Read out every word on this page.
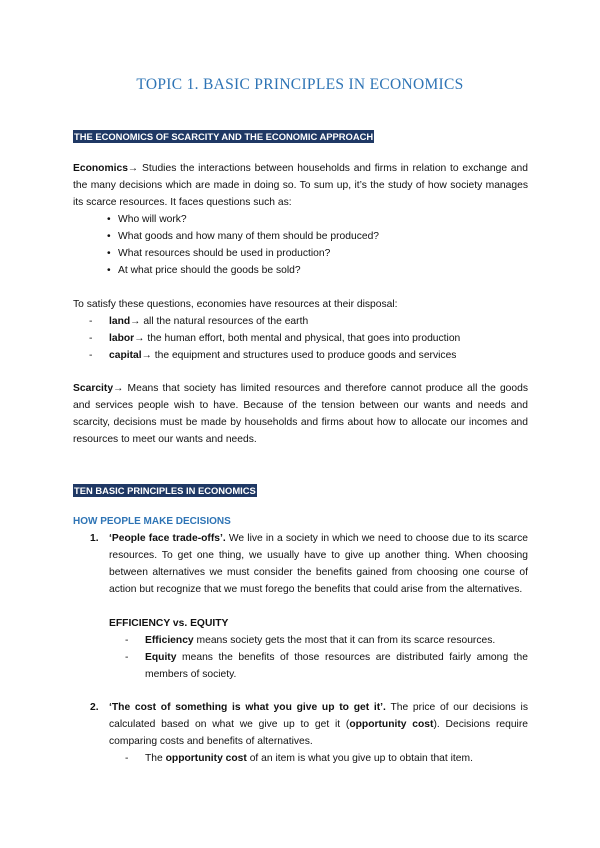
TOPIC 1. BASIC PRINCIPLES IN ECONOMICS
THE ECONOMICS OF SCARCITY AND THE ECONOMIC APPROACH

Economics→ Studies the interactions between households and firms in relation to exchange and the many decisions which are made in doing so. To sum up, it’s the study of how society manages its scarce resources. It faces questions such as:

• Who will work?
• What goods and how many of them should be produced?
• What resources should be used in production?
• At what price should the goods be sold?

To satisfy these questions, economies have resources at their disposal:

- land→ all the natural resources of the earth
- labor→ the human effort, both mental and physical, that goes into production
- capital→ the equipment and structures used to produce goods and services

Scarcity→ Means that society has limited resources and therefore cannot produce all the goods and services people wish to have. Because of the tension between our wants and needs and scarcity, decisions must be made by households and firms about how to allocate our incomes and resources to meet our wants and needs.

TEN BASIC PRINCIPLES IN ECONOMICS
HOW PEOPLE MAKE DECISIONS
1. ‘People face trade-offs’. We live in a society in which we need to choose due to its scarce resources. To get one thing, we usually have to give up another thing. When choosing between alternatives we must consider the benefits gained from choosing one course of action but recognize that we must forego the benefits that could arise from the alternatives.

EFFICIENCY vs. EQUITY
- Efficiency means society gets the most that it can from its scarce resources.
- Equity means the benefits of those resources are distributed fairly among the members of society.
2. ‘The cost of something is what you give up to get it’. The price of our decisions is calculated based on what we give up to get it (opportunity cost). Decisions require comparing costs and benefits of alternatives.

- The opportunity cost of an item is what you give up to obtain that item.
